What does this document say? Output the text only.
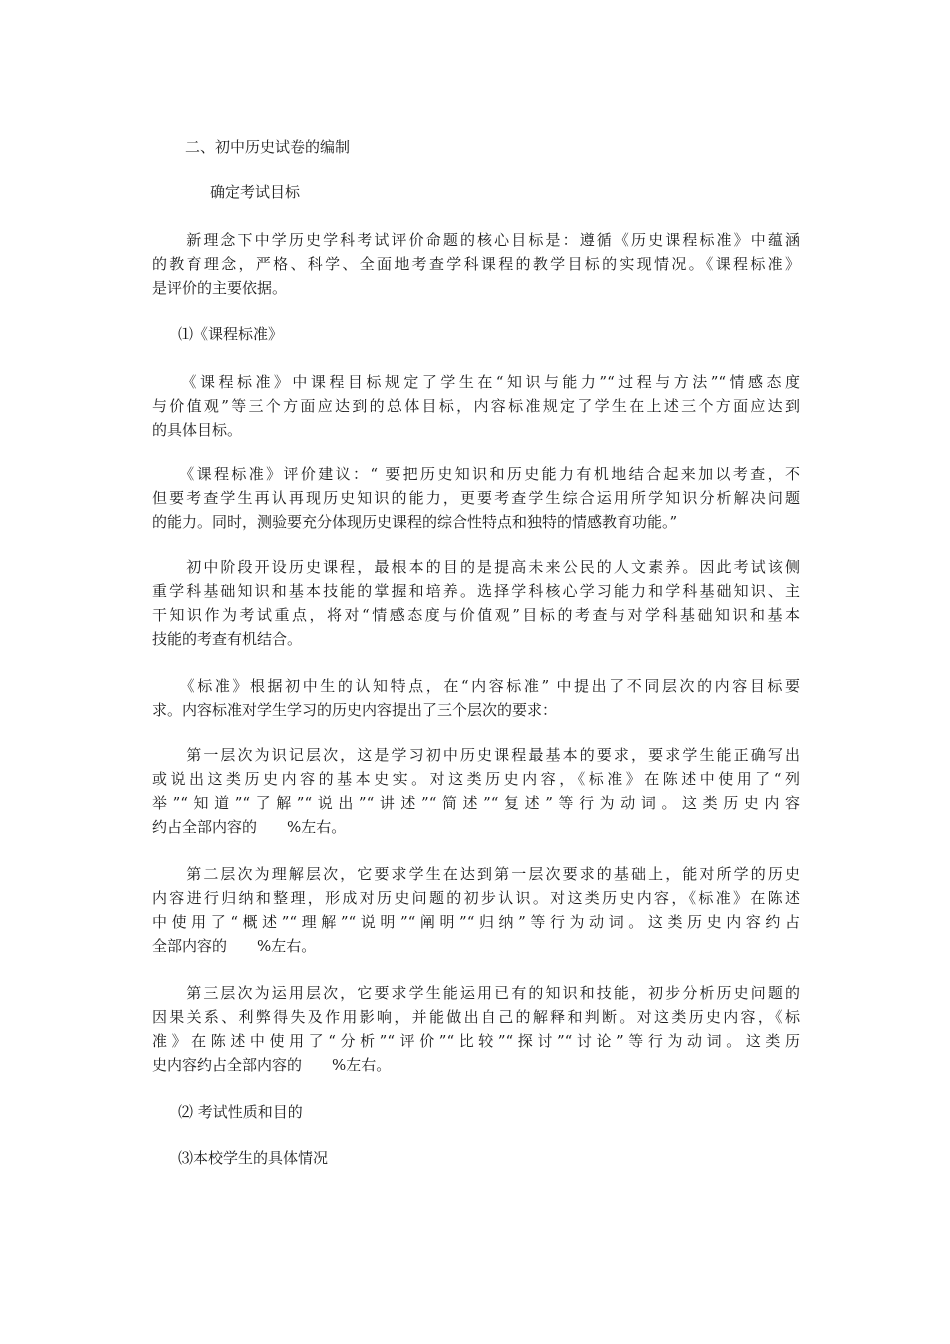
二、初中历史试卷的编制
确定考试目标
　　新理念下中学历史学科考试评价命题的核心目标是：遵循《历史课程标准》中蕴涵
的教育理念，严格、科学、全面地考查学科课程的教学目标的实现情况。《课程标准》
是评价的主要依据。
⑴《课程标准》
　　《课程标准》中课程目标规定了学生在“知识与能力”“过程与方法”“情感态度
与价值观”等三个方面应达到的总体目标，内容标准规定了学生在上述三个方面应达到
的具体目标。
　　《课程标准》评价建议：“ 要把历史知识和历史能力有机地结合起来加以考查，不
但要考查学生再认再现历史知识的能力，更要考查学生综合运用所学知识分析解决问题
的能力。同时，测验要充分体现历史课程的综合性特点和独特的情感教育功能。”
　　初中阶段开设历史课程，最根本的目的是提高未来公民的人文素养。因此考试该侧
重学科基础知识和基本技能的掌握和培养。选择学科核心学习能力和学科基础知识、主
干知识作为考试重点，将对“情感态度与价值观”目标的考查与对学科基础知识和基本
技能的考查有机结合。
　　《标准》根据初中生的认知特点，在“内容标准” 中提出了不同层次的内容目标要
求。内容标准对学生学习的历史内容提出了三个层次的要求：
　　第一层次为识记层次，这是学习初中历史课程最基本的要求，要求学生能正确写出
或说出这类历史内容的基本史实。对这类历史内容，《标准》在陈述中使用了“列
举”“知道”“了解”“说出”“讲述”“简述”“复述”等行为动词。这类历史内容
约占全部内容的　　%左右。
　　第二层次为理解层次，它要求学生在达到第一层次要求的基础上，能对所学的历史
内容进行归纳和整理，形成对历史问题的初步认识。对这类历史内容，《标准》在陈述
中使用了“概述”“理解”“说明”“阐明”“归纳”等行为动词。这类历史内容约占
全部内容的　　%左右。
　　第三层次为运用层次，它要求学生能运用已有的知识和技能，初步分析历史问题的
因果关系、利弊得失及作用影响，并能做出自己的解释和判断。对这类历史内容，《标
准》在陈述中使用了“分析”“评价”“比较”“探讨”“讨论”等行为动词。这类历
史内容约占全部内容的　　%左右。
⑵ 考试性质和目的
⑶本校学生的具体情况
